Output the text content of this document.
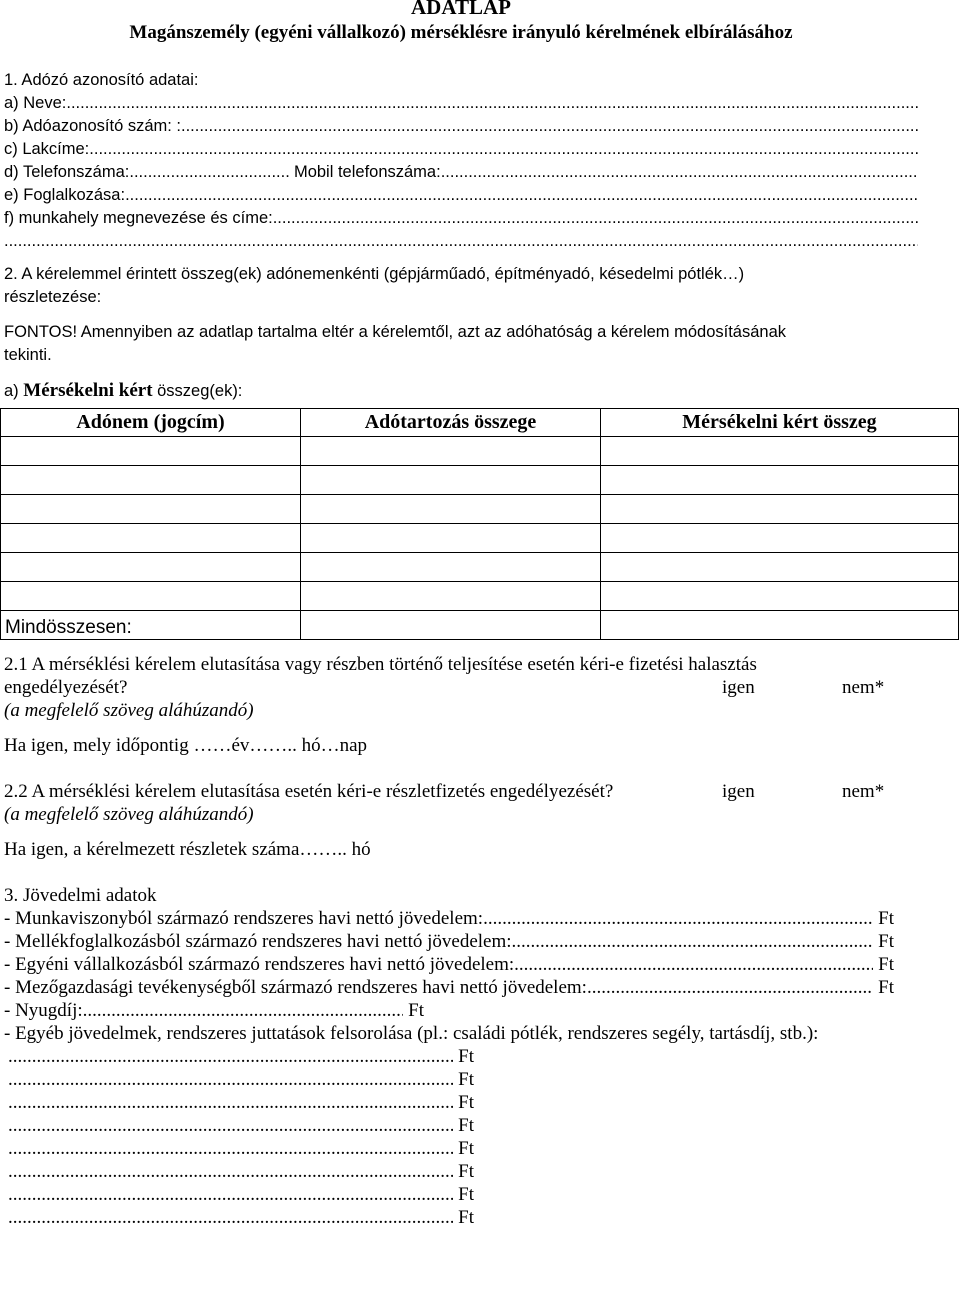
ADATLAP
Magánszemély (egyéni vállalkozó) mérséklésre irányuló kérelmének elbírálásához
1. Adózó azonosító adatai:
a) Neve:
.....
b) Adóazonosító szám: :
.....
c) Lakcíme:
.....
d) Telefonszáma: .....
	Mobil telefonszáma:
.....
e) Foglalkozása:
.....
f) munkahely megnevezése és címe:
.....
.....
2. A kérelemmel érintett összeg(ek) adónemenkénti (gépjárműadó, építményadó, késedelmi pótlék…)
részletezése:
FONTOS! Amennyiben az adatlap tartalma eltér a kérelemtől, azt az adóhatóság a kérelem módosításának
tekinti.
a) Mérsékelni kért összeg(ek):
Adónem (jogcím)	Adótartozás összege	Mérsékelni kért összeg

Mindösszesen:		
2.1 A mérséklési kérelem elutasítása vagy részben történő teljesítése esetén kéri-e fizetési halasztás
engedélyezését?	igen	nem*
(a megfelelő szöveg aláhúzandó)
Ha igen, mely időpontig ……év…….. hó…nap
2.2 A mérséklési kérelem elutasítása esetén kéri-e részletfizetés engedélyezését?	igen	nem*
(a megfelelő szöveg aláhúzandó)
Ha igen, a kérelmezett részletek száma…….. hó
3. Jövedelmi adatok
- Munkaviszonyból származó rendszeres havi nettó jövedelem: .....
	Ft
- Mellékfoglalkozásból származó rendszeres havi nettó jövedelem: .....
	Ft
- Egyéni vállalkozásból származó rendszeres havi nettó jövedelem: .....
	Ft
- Mezőgazdasági tevékenységből származó rendszeres havi nettó jövedelem: .....
	Ft
- Nyugdíj: .....
	Ft
- Egyéb jövedelmek, rendszeres juttatások felsorolása (pl.: családi pótlék, rendszeres segély, tartásdíj, stb.):
.....

Ft
.....

Ft
.....

Ft
.....

Ft
.....

Ft
.....

Ft
.....

Ft
.....

Ft
